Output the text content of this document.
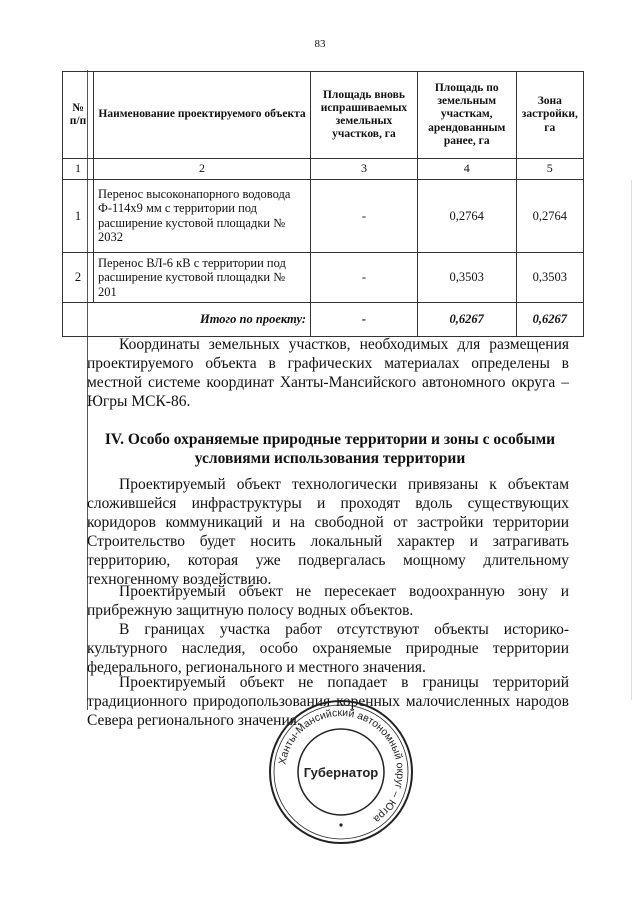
83
№ п/п	Наименование проектируемого объекта	Площадь вновь испрашиваемых земельных участков, га	Площадь по земельным участкам, арендованным ранее, га	Зона застройки, га
1	2	3	4	5
1	Перенос высоконапорного водовода Ф-114х9 мм с территории под расширение кустовой площадки № 2032	-	0,2764	0,2764
2	Перенос ВЛ-6 кВ с территории под расширение кустовой площадки № 201	-	0,3503	0,3503
Итого по проекту:		-	0,6267	0,6267

Координаты земельных участков, необходимых для размещения проектируемого объекта в графических материалах определены в местной системе координат Ханты-Мансийского автономного округа – Югры МСК-86.

IV. Особо охраняемые природные территории и зоны с особыми условиями использования территории

Проектируемый объект технологически привязаны к объектам сложившейся инфраструктуры и проходят вдоль существующих коридоров коммуникаций и на свободной от застройки территории Строительство будет носить локальный характер и затрагивать территорию, которая уже подвергалась мощному длительному техногенному воздействию.

Проектируемый объект не пересекает водоохранную зону и прибрежную защитную полосу водных объектов.

В границах участка работ отсутствуют объекты историко-культурного наследия, особо охраняемые природные территории федерального, регионального и местного значения.

Проектируемый объект не попадает в границы территорий традиционного природопользования коренных малочисленных народов Севера регионального значения.

Ханты-Мансийский автономный округ – Югра
Губернатор
